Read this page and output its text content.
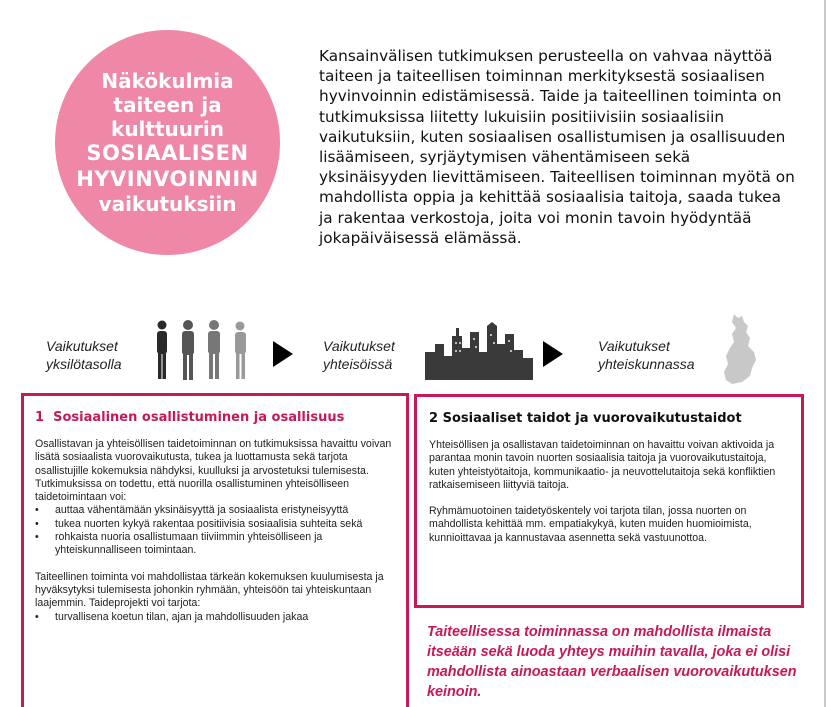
Näkökulmia
taiteen ja
kulttuurin
SOSIAALISEN
HYVINVOINNIN
vaikutuksiin
Kansainvälisen tutkimuksen perusteella on vahvaa näyttöä taiteen ja taiteellisen toiminnan merkityksestä sosiaalisen hyvinvoinnin edistämisessä. Taide ja taiteellinen toiminta on tutkimuksissa liitetty lukuisiin positiivisiin sosiaalisiin vaikutuksiin, kuten sosiaalisen osallistumisen ja osallisuuden lisäämiseen, syrjäytymisen vähentämiseen sekä yksinäisyyden lievittämiseen. Taiteellisen toiminnan myötä on mahdollista oppia ja kehittää sosiaalisia taitoja, saada tukea ja rakentaa verkostoja, joita voi monin tavoin hyödyntää jokapäiväisessä elämässä.
Vaikutukset
yksilötasolla
Vaikutukset
yhteisöissä
Vaikutukset
yhteiskunnassa
1 Sosiaalinen osallistuminen ja osallisuus

Osallistavan ja yhteisöllisen taidetoiminnan on tutkimuksissa havaittu voivan lisätä sosiaalista vuorovaikutusta, tukea ja luottamusta sekä tarjota osallistujille kokemuksia nähdyksi, kuulluksi ja arvostetuksi tulemisesta. Tutkimuksissa on todettu, että nuorilla osallistuminen yhteisölliseen taidetoimintaan voi:

• auttaa vähentämään yksinäisyyttä ja sosiaalista eristyneisyyttä
• tukea nuorten kykyä rakentaa positiivisia sosiaalisia suhteita sekä
• rohkaista nuoria osallistumaan tiiviimmin yhteisölliseen ja yhteiskunnalliseen toimintaan.

Taiteellinen toiminta voi mahdollistaa tärkeän kokemuksen kuulumisesta ja hyväksytyksi tulemisesta johonkin ryhmään, yhteisöön tai yhteiskuntaan laajemmin. Taideprojekti voi tarjota:

• turvallisena koetun tilan, ajan ja mahdollisuuden jakaa
2 Sosiaaliset taidot ja vuorovaikutustaidot

Yhteisöllisen ja osallistavan taidetoiminnan on havaittu voivan aktivoida ja parantaa monin tavoin nuorten sosiaalisia taitoja ja vuorovaikutustaitoja, kuten yhteistyötaitoja, kommunikaatio- ja neuvottelutaitoja sekä konfliktien ratkaisemiseen liittyviä taitoja.

Ryhmämuotoinen taidetyöskentely voi tarjota tilan, jossa nuorten on mahdollista kehittää mm. empatiakykyä, kuten muiden huomioimista, kunnioittavaa ja kannustavaa asennetta sekä vastuunottoa.

Taiteellisessa toiminnassa on mahdollista ilmaista itseään sekä luoda yhteys muihin tavalla, joka ei olisi mahdollista ainoastaan verbaalisen vuorovaikutuksen keinoin.
